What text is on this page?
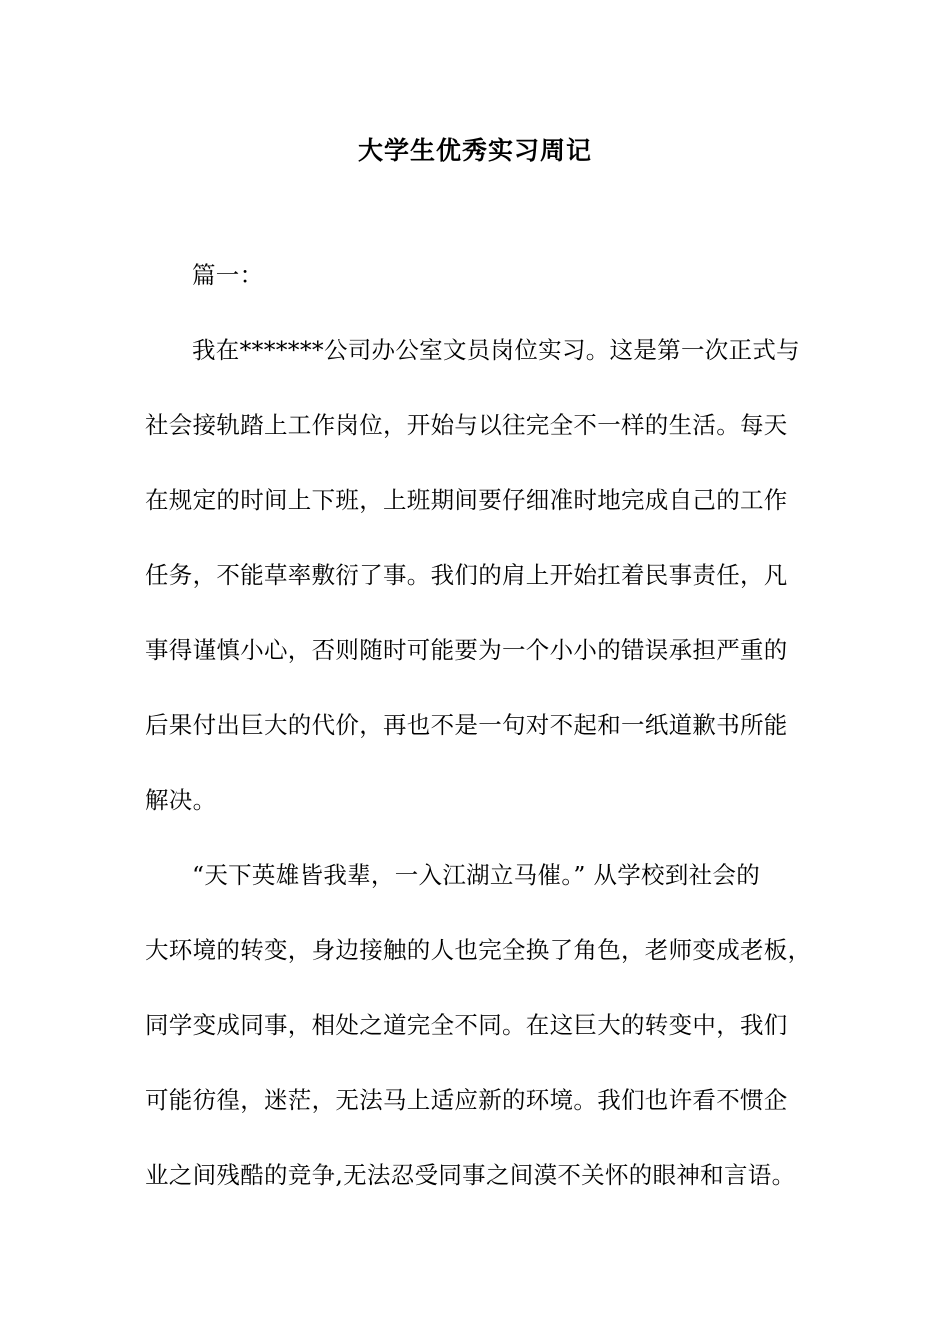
大学生优秀实习周记
篇一：
我在*******公司办公室文员岗位实习。这是第一次正式与
社会接轨踏上工作岗位，开始与以往完全不一样的生活。每天
在规定的时间上下班，上班期间要仔细准时地完成自己的工作
任务，不能草率敷衍了事。我们的肩上开始扛着民事责任，凡
事得谨慎小心，否则随时可能要为一个小小的错误承担严重的
后果付出巨大的代价，再也不是一句对不起和一纸道歉书所能
解决。
“天下英雄皆我辈，一入江湖立马催。” 从学校到社会的
大环境的转变，身边接触的人也完全换了角色，老师变成老板，
同学变成同事，相处之道完全不同。在这巨大的转变中，我们
可能彷徨，迷茫，无法马上适应新的环境。我们也许看不惯企
业之间残酷的竞争,无法忍受同事之间漠不关怀的眼神和言语。
